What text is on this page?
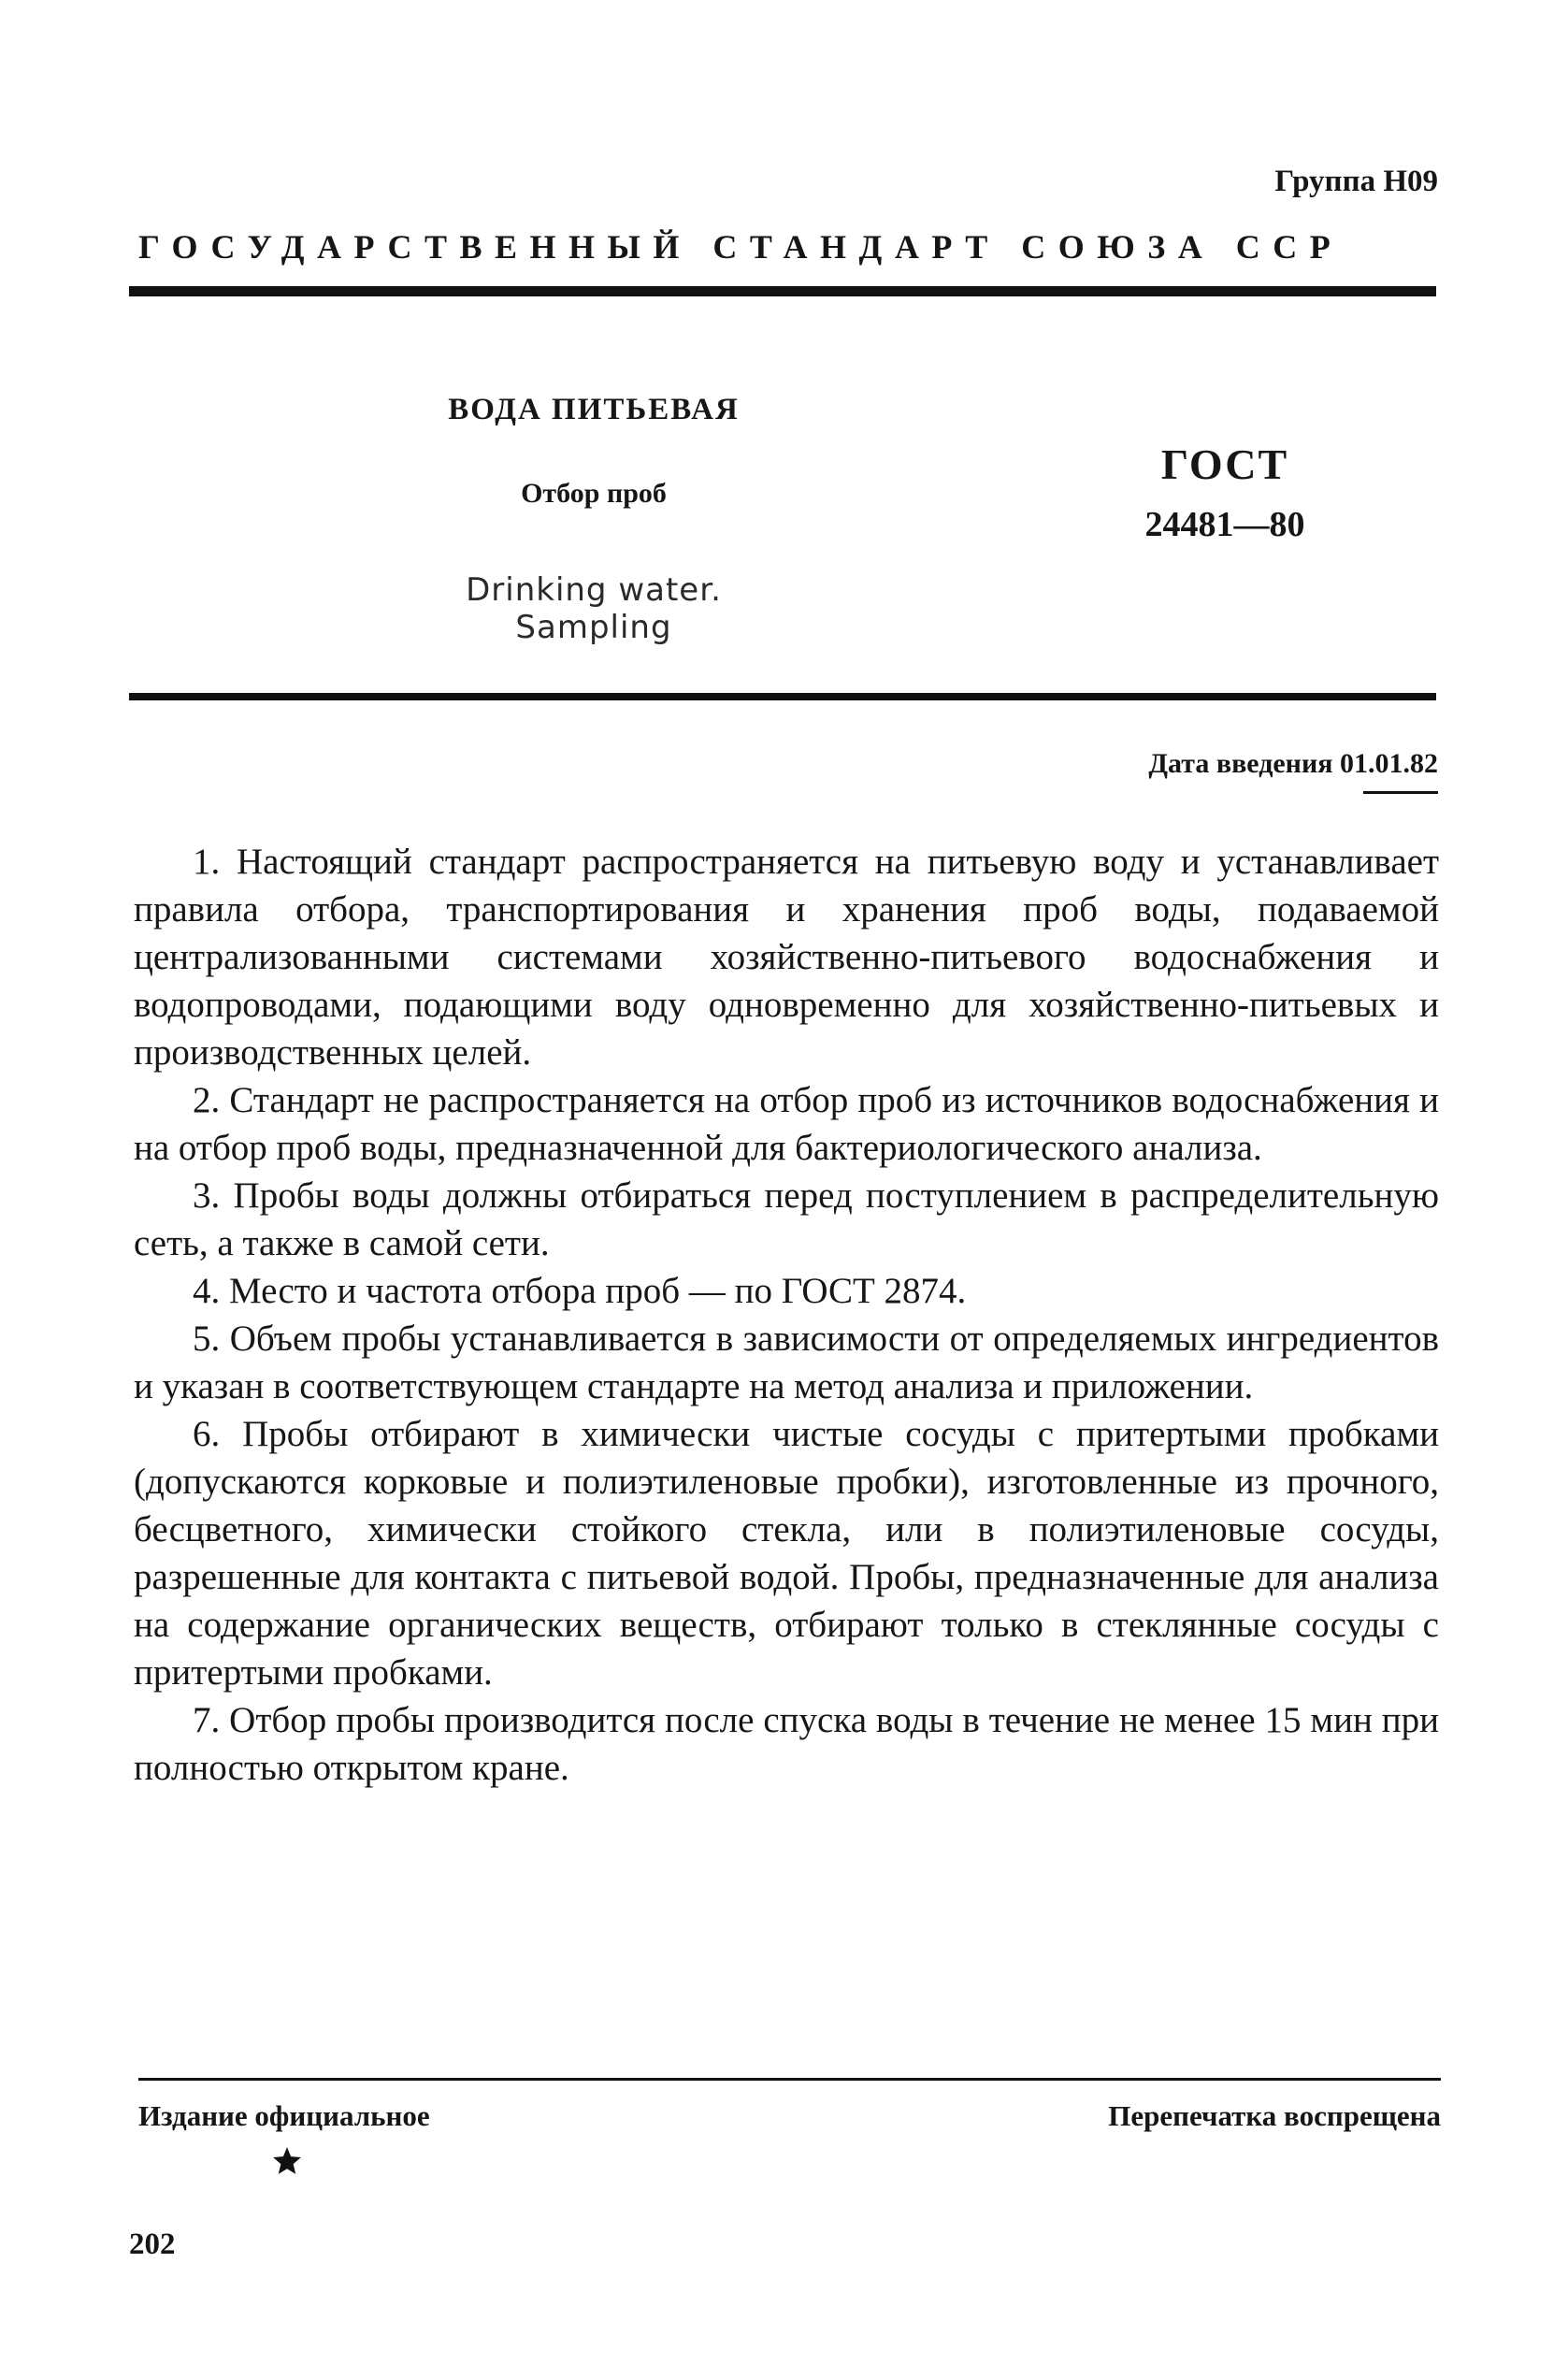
Группа Н09
ГОСУДАРСТВЕННЫЙ СТАНДАРТ СОЮЗА ССР
ВОДА ПИТЬЕВАЯ
Отбор проб
Drinking water. Sampling
ГОСТ
24481—80
Дата введения 01.01.82

1. Настоящий стандарт распространяется на питьевую воду и устанавливает правила отбора, транспортирования и хранения проб воды, подаваемой централизованными системами хозяйственно-питьевого водоснабжения и водопроводами, подающими воду одновременно для хозяйственно-питьевых и производственных целей.

2. Стандарт не распространяется на отбор проб из источников водоснабжения и на отбор проб воды, предназначенной для бактериологического анализа.

3. Пробы воды должны отбираться перед поступлением в распределительную сеть, а также в самой сети.

4. Место и частота отбора проб — по ГОСТ 2874.

5. Объем пробы устанавливается в зависимости от определяемых ингредиентов и указан в соответствующем стандарте на метод анализа и приложении.

6. Пробы отбирают в химически чистые сосуды с притертыми пробками (допускаются корковые и полиэтиленовые пробки), изготовленные из прочного, бесцветного, химически стойкого стекла, или в полиэтиленовые сосуды, разрешенные для контакта с питьевой водой. Пробы, предназначенные для анализа на содержание органических веществ, отбирают только в стеклянные сосуды с притертыми пробками.

7. Отбор пробы производится после спуска воды в течение не менее 15 мин при полностью открытом кране.

Издание официальное	Перепечатка воспрещена
202
